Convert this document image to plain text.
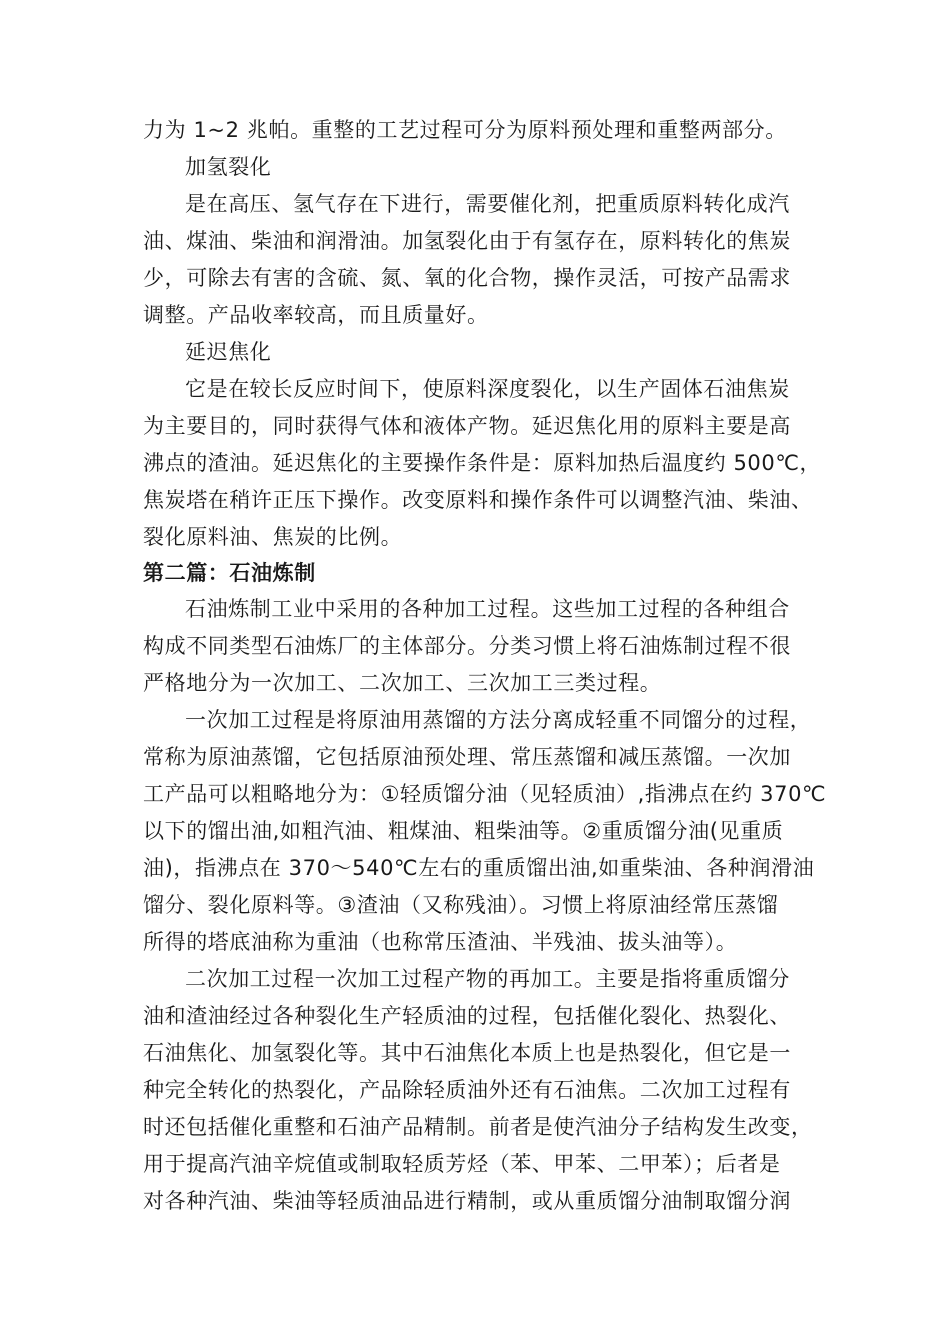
力为 1~2 兆帕。重整的工艺过程可分为原料预处理和重整两部分。
加氢裂化
是在高压、氢气存在下进行，需要催化剂，把重质原料转化成汽
油、煤油、柴油和润滑油。加氢裂化由于有氢存在，原料转化的焦炭
少，可除去有害的含硫、氮、氧的化合物，操作灵活，可按产品需求
调整。产品收率较高，而且质量好。
延迟焦化
它是在较长反应时间下，使原料深度裂化，以生产固体石油焦炭
为主要目的，同时获得气体和液体产物。延迟焦化用的原料主要是高
沸点的渣油。延迟焦化的主要操作条件是：原料加热后温度约 500℃，
焦炭塔在稍许正压下操作。改变原料和操作条件可以调整汽油、柴油、
裂化原料油、焦炭的比例。
第二篇：石油炼制
石油炼制工业中采用的各种加工过程。这些加工过程的各种组合
构成不同类型石油炼厂的主体部分。分类习惯上将石油炼制过程不很
严格地分为一次加工、二次加工、三次加工三类过程。
一次加工过程是将原油用蒸馏的方法分离成轻重不同馏分的过程，
常称为原油蒸馏，它包括原油预处理、常压蒸馏和减压蒸馏。一次加
工产品可以粗略地分为：①轻质馏分油（见轻质油）,指沸点在约 370℃
以下的馏出油,如粗汽油、粗煤油、粗柴油等。②重质馏分油(见重质
油)，指沸点在 370～540℃左右的重质馏出油,如重柴油、各种润滑油
馏分、裂化原料等。③渣油（又称残油）。习惯上将原油经常压蒸馏
所得的塔底油称为重油（也称常压渣油、半残油、拔头油等）。
二次加工过程一次加工过程产物的再加工。主要是指将重质馏分
油和渣油经过各种裂化生产轻质油的过程，包括催化裂化、热裂化、
石油焦化、加氢裂化等。其中石油焦化本质上也是热裂化，但它是一
种完全转化的热裂化，产品除轻质油外还有石油焦。二次加工过程有
时还包括催化重整和石油产品精制。前者是使汽油分子结构发生改变，
用于提高汽油辛烷值或制取轻质芳烃（苯、甲苯、二甲苯）；后者是
对各种汽油、柴油等轻质油品进行精制，或从重质馏分油制取馏分润
